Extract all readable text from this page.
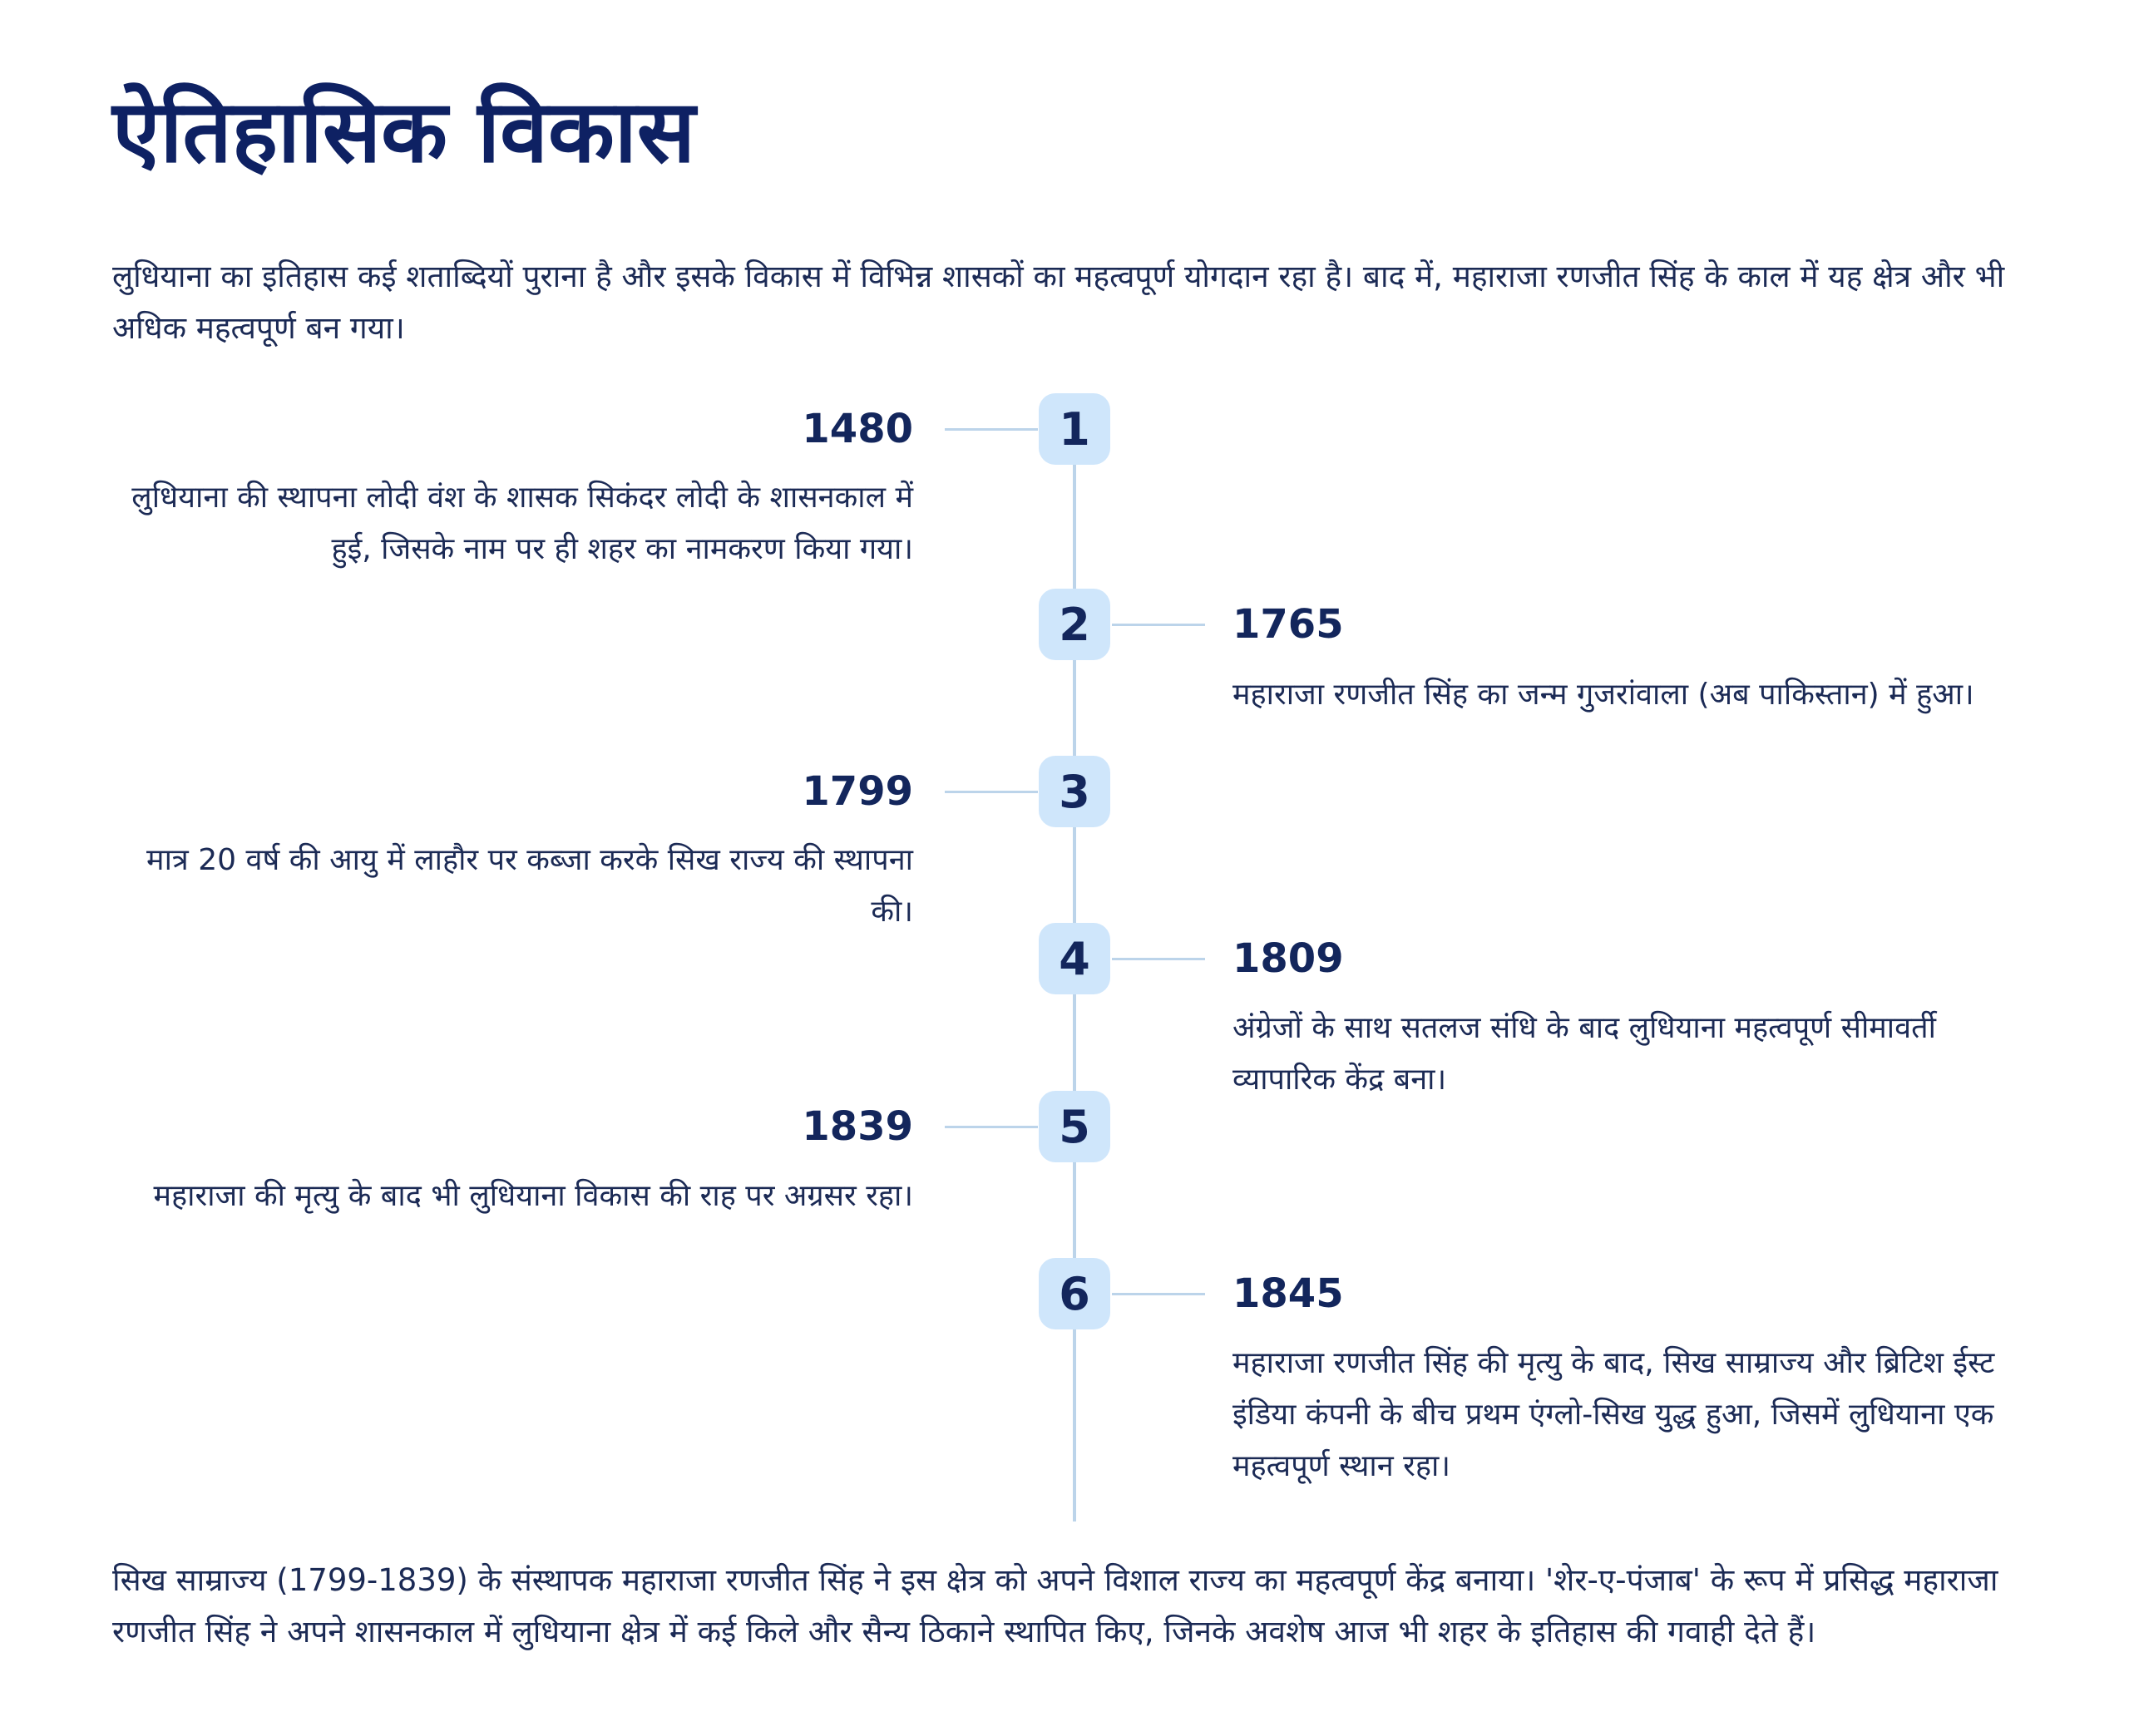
ऐतिहासिक विकास

लुधियाना का इतिहास कई शताब्दियों पुराना है और इसके विकास में विभिन्न शासकों का महत्वपूर्ण योगदान रहा है। बाद में, महाराजा रणजीत सिंह के काल में यह क्षेत्र और भी अधिक महत्वपूर्ण बन गया।

1
1480
लुधियाना की स्थापना लोदी वंश के शासक सिकंदर लोदी के शासनकाल में हुई, जिसके नाम पर ही शहर का नामकरण किया गया।
2	1765
महाराजा रणजीत सिंह का जन्म गुजरांवाला (अब पाकिस्तान) में हुआ।
3
1799
मात्र 20 वर्ष की आयु में लाहौर पर कब्जा करके सिख राज्य की स्थापना की।
4	1809
अंग्रेजों के साथ सतलज संधि के बाद लुधियाना महत्वपूर्ण सीमावर्ती व्यापारिक केंद्र बना।
5
1839
महाराजा की मृत्यु के बाद भी लुधियाना विकास की राह पर अग्रसर रहा।
6	1845
महाराजा रणजीत सिंह की मृत्यु के बाद, सिख साम्राज्य और ब्रिटिश ईस्ट इंडिया कंपनी के बीच प्रथम एंग्लो-सिख युद्ध हुआ, जिसमें लुधियाना एक महत्वपूर्ण स्थान रहा।

सिख साम्राज्य (1799-1839) के संस्थापक महाराजा रणजीत सिंह ने इस क्षेत्र को अपने विशाल राज्य का महत्वपूर्ण केंद्र बनाया। 'शेर-ए-पंजाब' के रूप में प्रसिद्ध महाराजा रणजीत सिंह ने अपने शासनकाल में लुधियाना क्षेत्र में कई किले और सैन्य ठिकाने स्थापित किए, जिनके अवशेष आज भी शहर के इतिहास की गवाही देते हैं।
